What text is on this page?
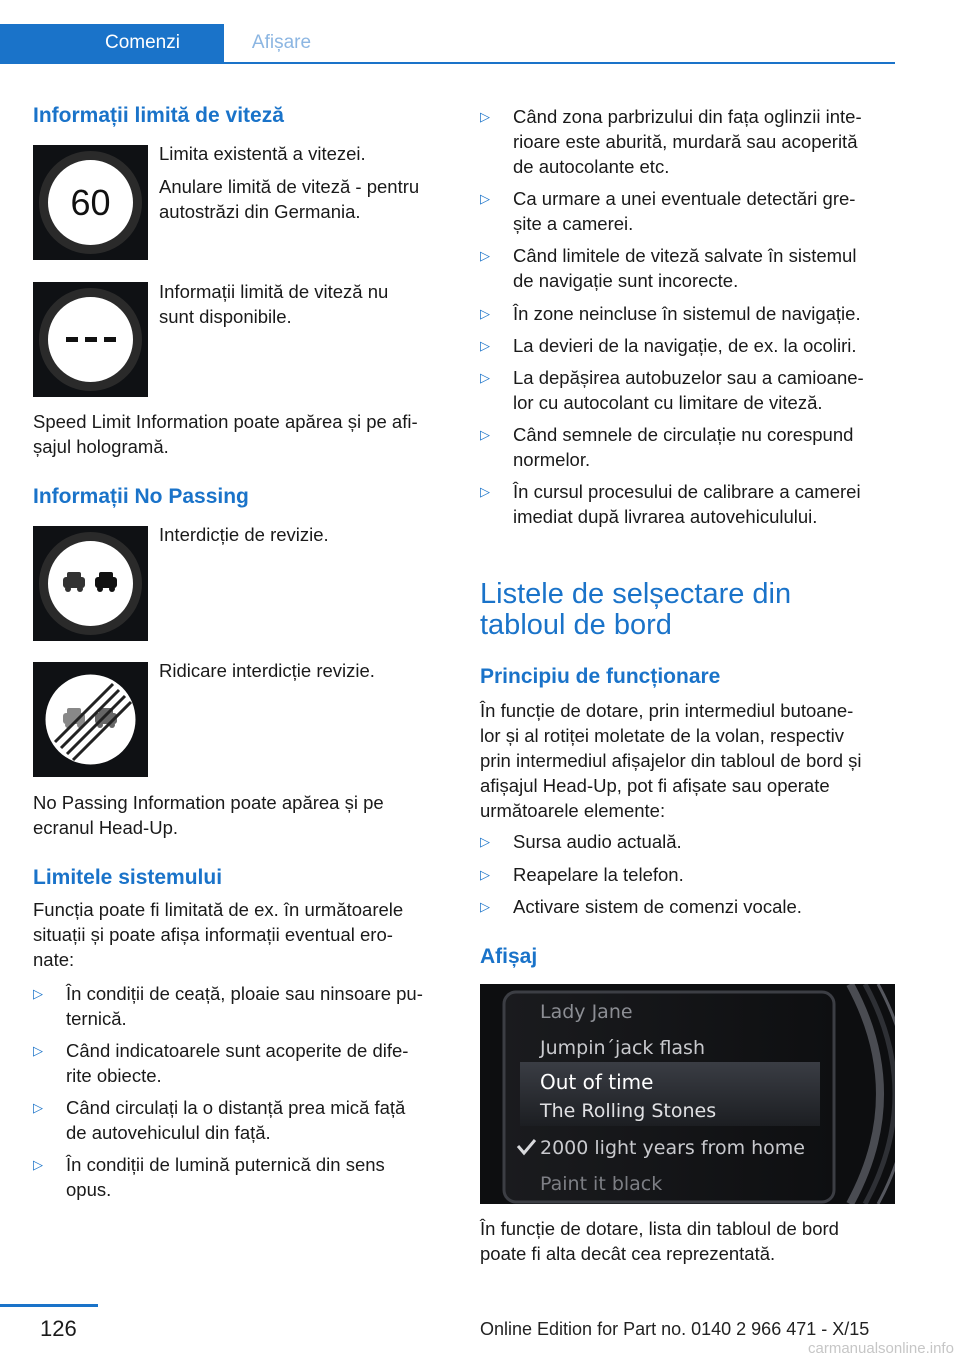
Comenzi	Afișare
Informații limită de viteză
60

Limita existentă a vitezei.

Anulare limită de viteză - pentru

autostrăzi din Germania.

Informații limită de viteză nu

sunt disponibile.

Speed Limit Information poate apărea și pe afi‐

șajul hologramă.

Informații No Passing

Interdicție de revizie.

Ridicare interdicție revizie.

No Passing Information poate apărea și pe

ecranul Head-Up.

Limitele sistemului

Funcția poate fi limitată de ex. în următoarele

situații și poate afișa informații eventual ero‐

nate:

▷ În condiții de ceață, ploaie sau ninsoare pu‐
ternică.
▷ Când indicatoarele sunt acoperite de dife‐
rite obiecte.
▷ Când circulați la o distanță prea mică față
de autovehiculul din față.
▷ În condiții de lumină puternică din sens
opus.
▷ Când zona parbrizului din fața oglinzii inte‐
rioare este aburită, murdară sau acoperită
de autocolante etc.
▷ Ca urmare a unei eventuale detectări gre‐
șite a camerei.
▷ Când limitele de viteză salvate în sistemul
de navigație sunt incorecte.
▷ În zone neincluse în sistemul de navigație.
▷ La devieri de la navigație, de ex. la ocoliri.
▷ La depășirea autobuzelor sau a camioane‐
lor cu autocolant cu limitare de viteză.
▷ Când semnele de circulație nu corespund
normelor.
▷ În cursul procesului de calibrare a camerei
imediat după livrarea autovehiculului.
Listele de selșectare din
tabloul de bord
Principiu de funcționare

În funcție de dotare, prin intermediul butoane‐

lor și al rotiței moletate de la volan, respectiv

prin intermediul afișajelor din tabloul de bord și

afișajul Head-Up, pot fi afișate sau operate

următoarele elemente:

▷ Sursa audio actuală.
▷ Reapelare la telefon.
▷ Activare sistem de comenzi vocale.
Afișaj
Lady Jane
Jumpin´jack flash
Out of time
The Rolling Stones
2000 light years from home
Paint it black

În funcție de dotare, lista din tabloul de bord

poate fi alta decât cea reprezentată.

126	Online Edition for Part no. 0140 2 966 471 - X/15
carmanualsonline.info
